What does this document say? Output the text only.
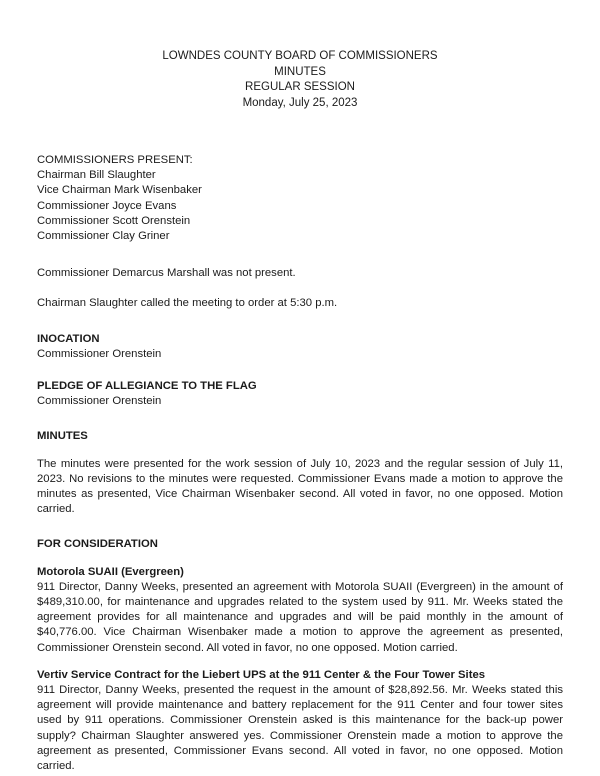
LOWNDES COUNTY BOARD OF COMMISSIONERS
MINUTES
REGULAR SESSION
Monday, July 25, 2023
COMMISSIONERS PRESENT:
Chairman Bill Slaughter
Vice Chairman Mark Wisenbaker
Commissioner Joyce Evans
Commissioner Scott Orenstein
Commissioner Clay Griner

Commissioner Demarcus Marshall was not present.

Chairman Slaughter called the meeting to order at 5:30 p.m.

INOCATION

Commissioner Orenstein

PLEDGE OF ALLEGIANCE TO THE FLAG

Commissioner Orenstein

MINUTES

The minutes were presented for the work session of July 10, 2023 and the regular session of July 11, 2023. No revisions to the minutes were requested. Commissioner Evans made a motion to approve the minutes as presented, Vice Chairman Wisenbaker second. All voted in favor, no one opposed. Motion carried.

FOR CONSIDERATION

Motorola SUAII (Evergreen)

911 Director, Danny Weeks, presented an agreement with Motorola SUAII (Evergreen) in the amount of $489,310.00, for maintenance and upgrades related to the system used by 911. Mr. Weeks stated the agreement provides for all maintenance and upgrades and will be paid monthly in the amount of $40,776.00. Vice Chairman Wisenbaker made a motion to approve the agreement as presented, Commissioner Orenstein second. All voted in favor, no one opposed. Motion carried.

Vertiv Service Contract for the Liebert UPS at the 911 Center & the Four Tower Sites

911 Director, Danny Weeks, presented the request in the amount of $28,892.56. Mr. Weeks stated this agreement will provide maintenance and battery replacement for the 911 Center and four tower sites used by 911 operations. Commissioner Orenstein asked is this maintenance for the back-up power supply? Chairman Slaughter answered yes. Commissioner Orenstein made a motion to approve the agreement as presented, Commissioner Evans second. All voted in favor, no one opposed. Motion carried.
